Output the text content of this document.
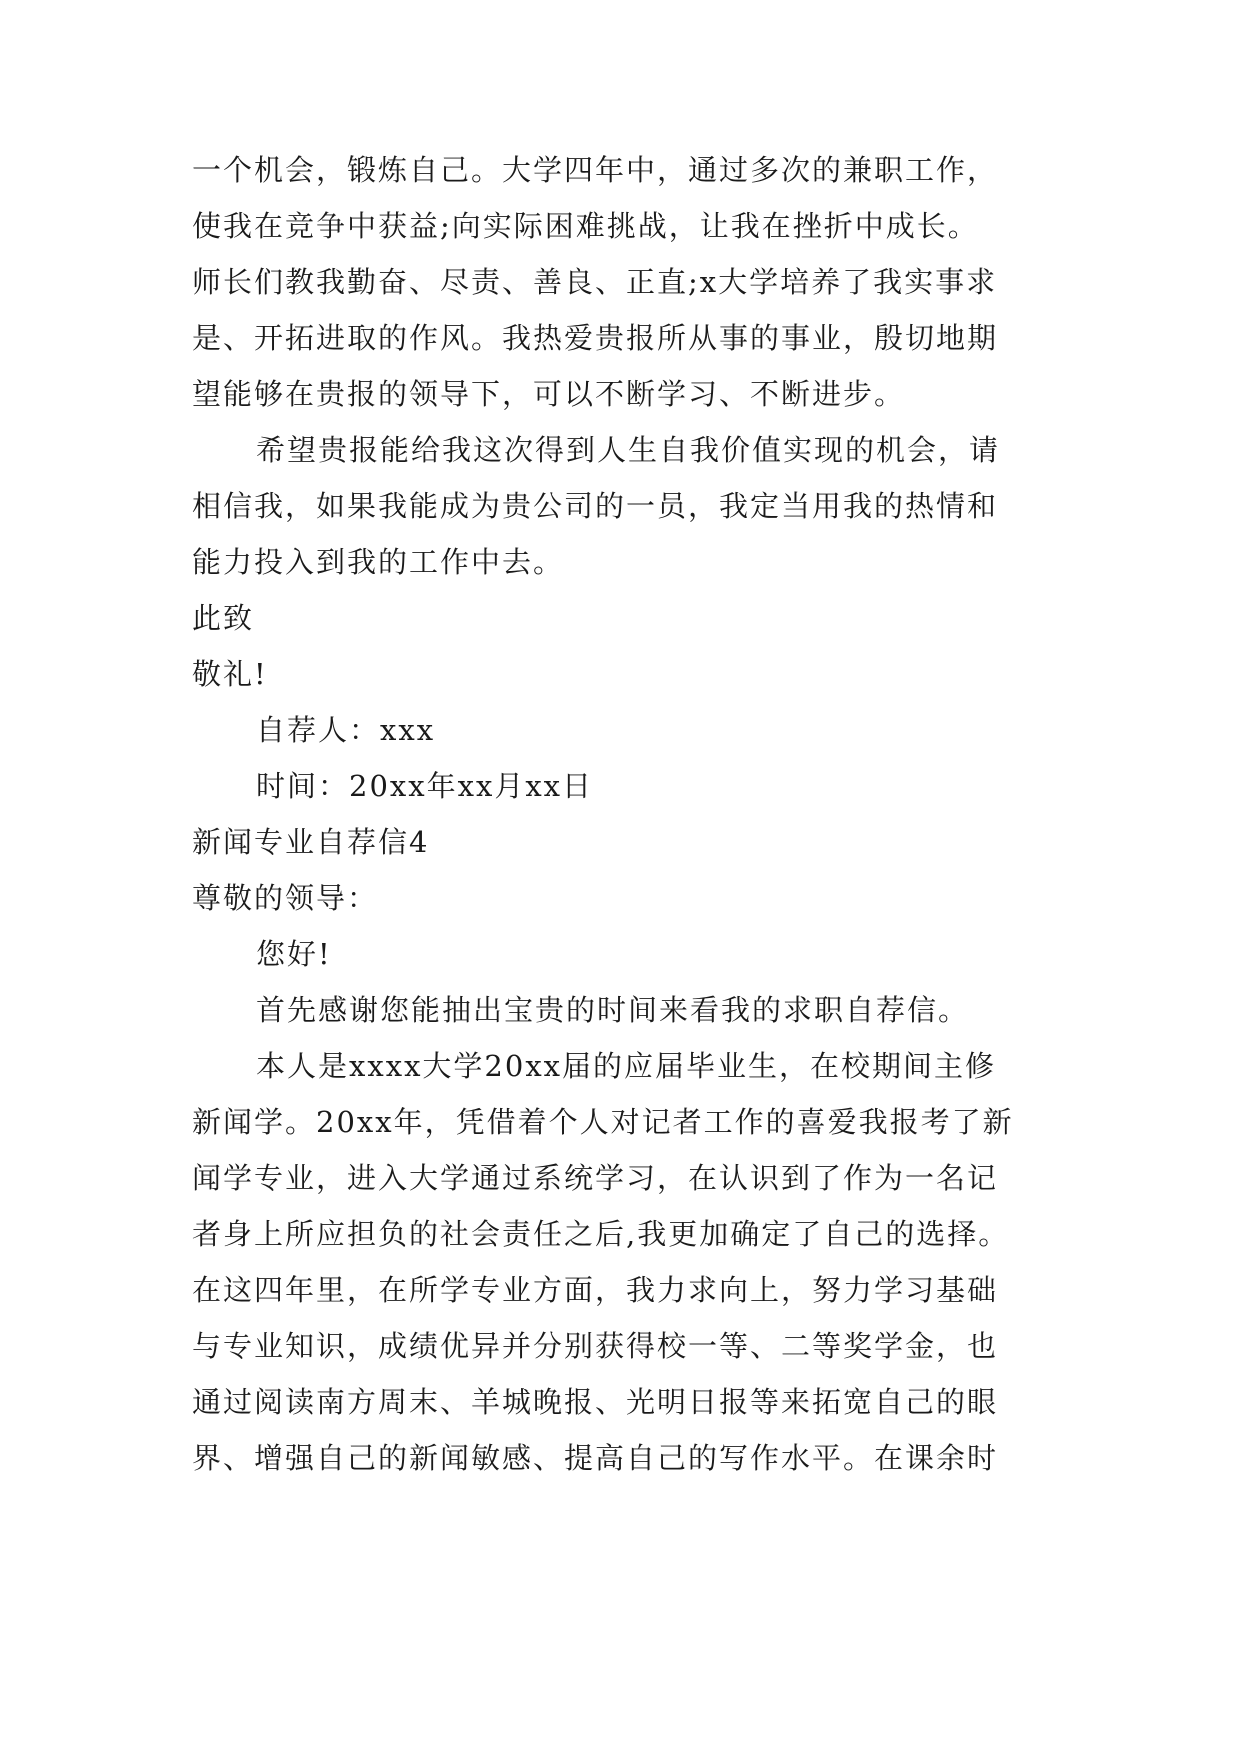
一个机会，锻炼自己。大学四年中，通过多次的兼职工作，
使我在竞争中获益;向实际困难挑战，让我在挫折中成长。
师长们教我勤奋、尽责、善良、正直;x大学培养了我实事求
是、开拓进取的作风。我热爱贵报所从事的事业，殷切地期
望能够在贵报的领导下，可以不断学习、不断进步。
希望贵报能给我这次得到人生自我价值实现的机会，请
相信我，如果我能成为贵公司的一员，我定当用我的热情和
能力投入到我的工作中去。
此致
敬礼!
自荐人：xxx
时间：20xx年xx月xx日
新闻专业自荐信4
尊敬的领导：
您好!
首先感谢您能抽出宝贵的时间来看我的求职自荐信。
本人是xxxx大学20xx届的应届毕业生，在校期间主修
新闻学。20xx年，凭借着个人对记者工作的喜爱我报考了新
闻学专业，进入大学通过系统学习，在认识到了作为一名记
者身上所应担负的社会责任之后,我更加确定了自己的选择。
在这四年里，在所学专业方面，我力求向上，努力学习基础
与专业知识，成绩优异并分别获得校一等、二等奖学金，也
通过阅读南方周末、羊城晚报、光明日报等来拓宽自己的眼
界、增强自己的新闻敏感、提高自己的写作水平。在课余时
